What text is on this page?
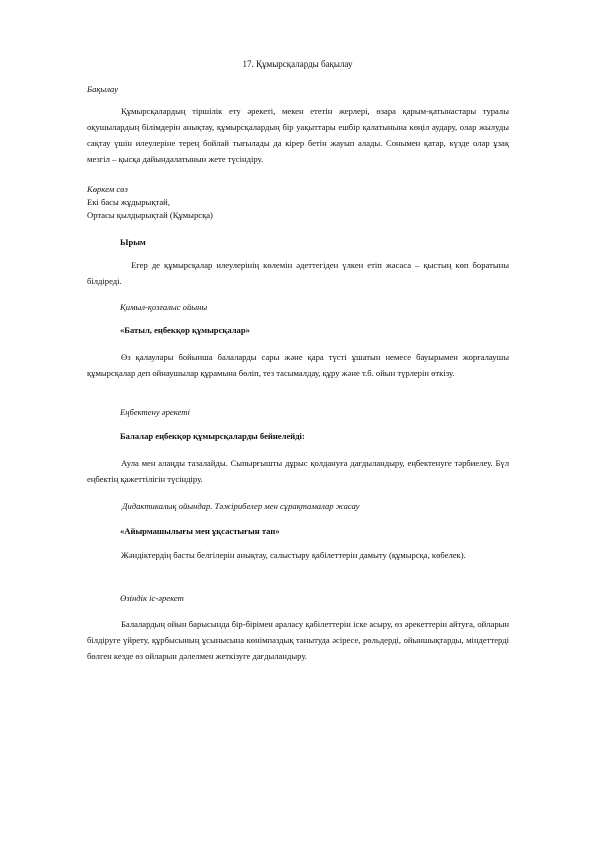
17. Құмырсқаларды бақылау

Бақылау

Құмырсқалардың тіршілік ету әрекеті, мекен ететін жерлері, өзара қарым-қатынастары туралы оқушылардың білімдерін анықтау, құмырсқалардың бір уақыттары ешбір қалатынына көңіл аудару, олар жылуды сақтау үшін илеулеріне терең бойлай тығылады да кіреp бетін жауып алады. Сонымен қатар, күзде олар ұзақ мезгіл – қысқа дайындалатынын жете түсіндіру.

Көркем сөз

Екі басы жұдырықтай,

Ортасы қылдырықтай (Құмырсқа)

Ырым

Егер де құмырсқалар илеулерінің көлемін әдеттегіден үлкен етіп жасаса – қыстың көп боратыны білдіреді.

Қимыл-қозғалыс ойыны

«Батыл, еңбекқор құмырсқалар»

Өз қалаулары бойынша балаларды сары және қара түсті ұшатын немесе бауырымен жорғалаушы құмырсқалар деп ойнаушылар құрамына бөліп, тез тасымалдау, құру және т.б. ойын түрлерін өткізу.

Еңбектену әрекеті

Балалар еңбекқор құмырсқаларды бейнелейді:

Аула мен алаңды тазалайды. Сыпырғышты дұрыс қолдануға дағдыландыру, еңбектенуге тәрбиелеу. Бүл еңбектің қажеттілігін түсіндіру.

Дидактикалық ойындар. Тәжірибелер мен сұрақтамалар жасау

«Айырмашылығы мен ұқсастығын тап»

Жәндіктердің басты белгілерін анықтау, салыстыру қабілеттерін дамыту (құмырсқа, көбелек).

Өзіндік іс-әрекет

Балалардың ойын барысында бір-бірімен араласу қабілеттерін іске асыру, өз әрекеттерін айтуға, ойларын білдіруге үйрету, құрбысының ұсынысына көнімпаздық танытуда әсіресе, рөльдерді, ойыншықтарды, міндеттерді бөлген кезде өз ойларын дәлелмен жеткізуге дағдыландыру.
